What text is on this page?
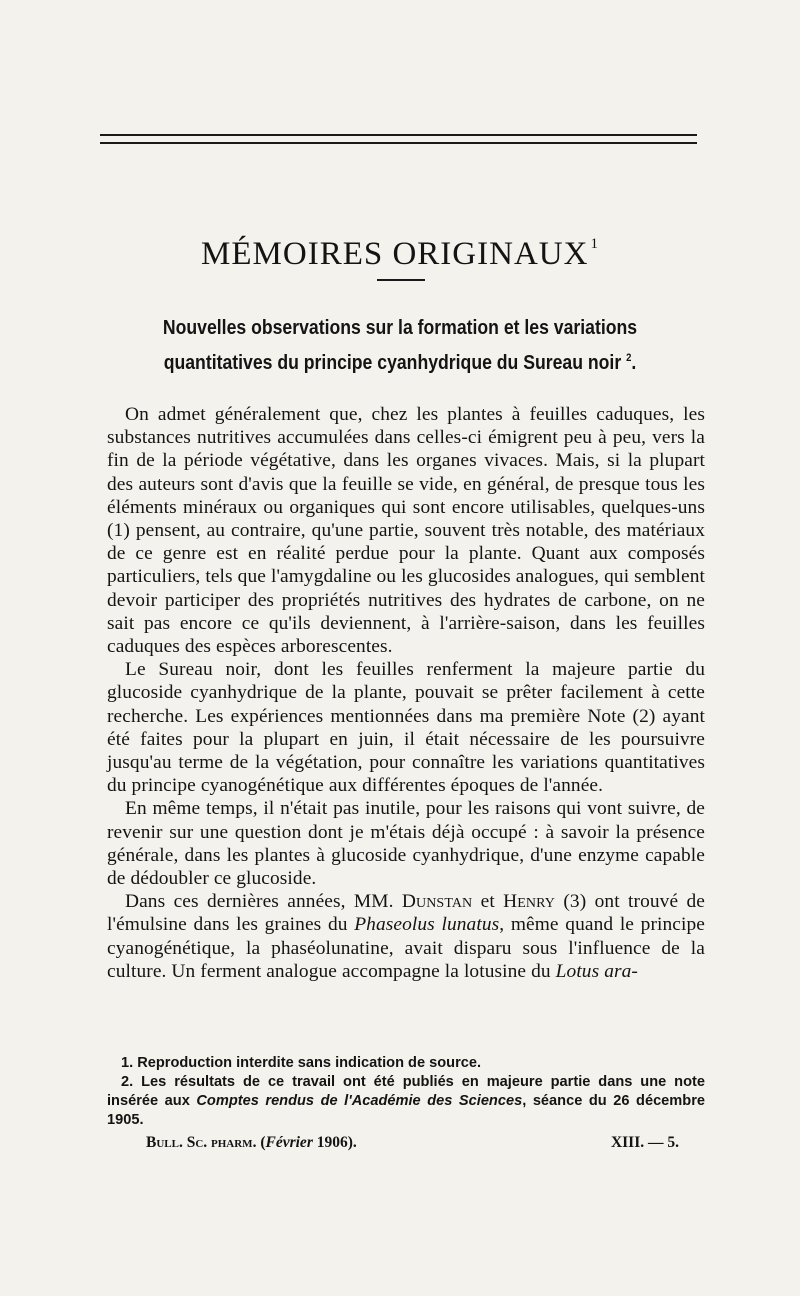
MÉMOIRES ORIGINAUX $^1$
Nouvelles observations sur la formation et les variations
quantitatives du principe cyanhydrique du Sureau noir $^2$.

On admet généralement que, chez les plantes à feuilles caduques, les substances nutritives accumulées dans celles-ci émigrent peu à peu, vers la fin de la période végétative, dans les organes vivaces. Mais, si la plupart des auteurs sont d'avis que la feuille se vide, en général, de presque tous les éléments minéraux ou organiques qui sont encore utilisables, quelques-uns (1) pensent, au contraire, qu'une partie, souvent très notable, des matériaux de ce genre est en réalité perdue pour la plante. Quant aux composés particuliers, tels que l'amygdaline ou les glucosides analogues, qui semblent devoir participer des propriétés nutritives des hydrates de carbone, on ne sait pas encore ce qu'ils deviennent, à l'arrière-saison, dans les feuilles caduques des espèces arborescentes.

Le Sureau noir, dont les feuilles renferment la majeure partie du glucoside cyanhydrique de la plante, pouvait se prêter facilement à cette recherche. Les expériences mentionnées dans ma première Note (2) ayant été faites pour la plupart en juin, il était nécessaire de les poursuivre jusqu'au terme de la végétation, pour connaître les variations quantitatives du principe cyanogénétique aux différentes époques de l'année.

En même temps, il n'était pas inutile, pour les raisons qui vont suivre, de revenir sur une question dont je m'étais déjà occupé : à savoir la présence générale, dans les plantes à glucoside cyanhydrique, d'une enzyme capable de dédoubler ce glucoside.

Dans ces dernières années, MM. Dunstan et Henry (3) ont trouvé de l'émulsine dans les graines du Phaseolus lunatus, même quand le principe cyanogénétique, la phaséolunatine, avait disparu sous l'influence de la culture. Un ferment analogue accompagne la lotusine du Lotus ara-

1. Reproduction interdite sans indication de source.
2. Les résultats de ce travail ont été publiés en majeure partie dans une note insérée aux Comptes rendus de l'Académie des Sciences, séance du 26 décembre 1905.
Bull. Sc. pharm. (Février 1906).	XIII. — 5.
